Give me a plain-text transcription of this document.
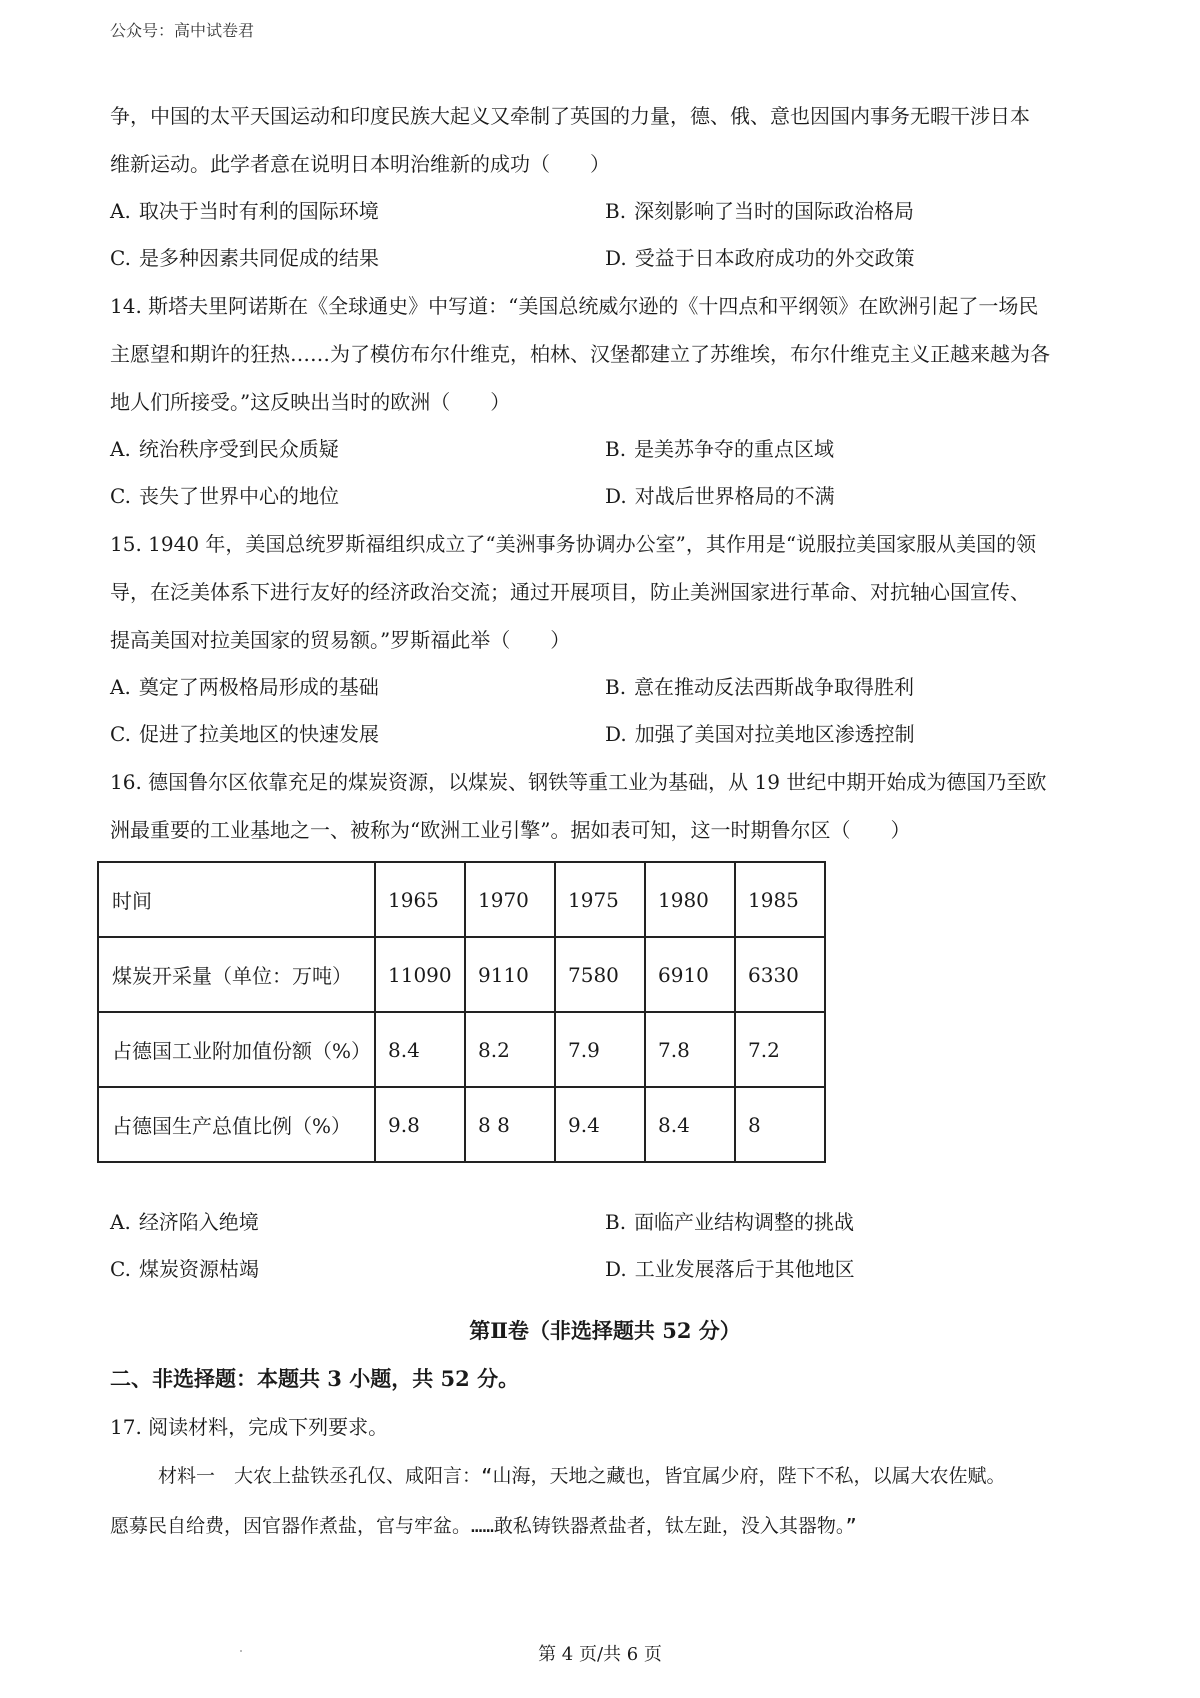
公众号：高中试卷君

争，中国的太平天国运动和印度民族大起义又牵制了英国的力量，德、俄、意也因国内事务无暇干涉日本

维新运动。此学者意在说明日本明治维新的成功（　　）

A. 取决于当时有利的国际环境	B. 深刻影响了当时的国际政治格局
C. 是多种因素共同促成的结果	D. 受益于日本政府成功的外交政策

14. 斯塔夫里阿诺斯在《全球通史》中写道：“美国总统威尔逊的《十四点和平纲领》在欧洲引起了一场民

主愿望和期许的狂热……为了模仿布尔什维克，柏林、汉堡都建立了苏维埃，布尔什维克主义正越来越为各

地人们所接受。”这反映出当时的欧洲（　　）

A. 统治秩序受到民众质疑	B. 是美苏争夺的重点区域
C. 丧失了世界中心的地位	D. 对战后世界格局的不满

15. 1940 年，美国总统罗斯福组织成立了“美洲事务协调办公室”，其作用是“说服拉美国家服从美国的领

导，在泛美体系下进行友好的经济政治交流；通过开展项目，防止美洲国家进行革命、对抗轴心国宣传、

提高美国对拉美国家的贸易额。”罗斯福此举（　　）

A. 奠定了两极格局形成的基础	B. 意在推动反法西斯战争取得胜利
C. 促进了拉美地区的快速发展	D. 加强了美国对拉美地区渗透控制

16. 德国鲁尔区依靠充足的煤炭资源，以煤炭、钢铁等重工业为基础，从 19 世纪中期开始成为德国乃至欧

洲最重要的工业基地之一、被称为“欧洲工业引擎”。据如表可知，这一时期鲁尔区（　　）

时间	1965	1970	1975	1980	1985
煤炭开采量（单位：万吨）	11090	9110	7580	6910	6330
占德国工业附加值份额（%）	8.4	8.2	7.9	7.8	7.2
占德国生产总值比例（%）	9.8	8 8	9.4	8.4	8
A. 经济陷入绝境	B. 面临产业结构调整的挑战
C. 煤炭资源枯竭	D. 工业发展落后于其他地区
第Ⅱ卷（非选择题共 52 分）
二、非选择题：本题共 3 小题，共 52 分。

17. 阅读材料，完成下列要求。

材料一　大农上盐铁丞孔仅、咸阳言：“山海，天地之藏也，皆宜属少府，陛下不私，以属大农佐赋。

愿募民自给费，因官器作煮盐，官与牢盆。……敢私铸铁器煮盐者，钛左趾，没入其器物。”

第 4 页/共 6 页
